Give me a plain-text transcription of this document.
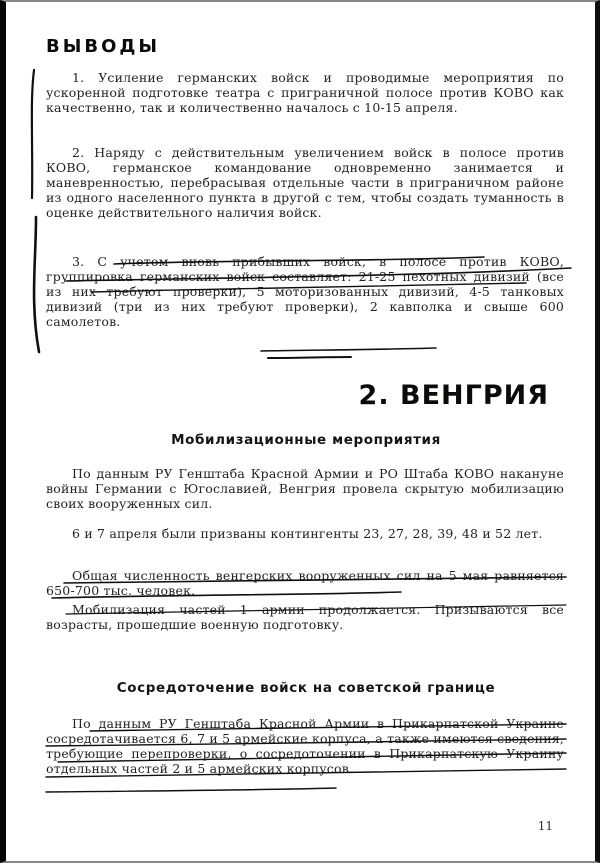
ВЫВОДЫ

1. Усиление германских войск и проводимые мероприятия по ускоренной подготовке театра с приграничной полосе против КОВО как качественно, так и количественно началось с 10-15 апреля.

2. Наряду с действительным увеличением войск в полосе против КОВО, германское командование одновременно занимается и маневренностью, перебрасывая отдельные части в приграничном районе из одного населенного пункта в другой с тем, чтобы создать туманность в оценке действительного наличия войск.

3. С учетом вновь прибывших войск, в полосе против КОВО, группировка германских войск составляет: 21-25 пехотных дивизий (все из них требуют проверки), 5 моторизованных дивизий, 4-5 танковых дивизий (три из них требуют проверки), 2 кавполка и свыше 600 самолетов.

2. ВЕНГРИЯ
Мобилизационные мероприятия

По данным РУ Генштаба Красной Армии и РО Штаба КОВО накануне войны Германии с Югославией, Венгрия провела скрытую мобилизацию своих вооруженных сил.

6 и 7 апреля были призваны контингенты 23, 27, 28, 39, 48 и 52 лет.

Общая численность венгерских вооруженных сил на 5 мая равняется 650-700 тыс. человек.

Мобилизация частей 1 армии продолжается. Призываются все возрасты, прошедшие военную подготовку.

Сосредоточение войск на советской границе

По данным РУ Генштаба Красной Армии в Прикарпатской Украине сосредотачивается 6, 7 и 5 армейские корпуса, а также имеются сведения, требующие перепроверки, о сосредоточении в Прикарпатскую Украину отдельных частей 2 и 5 армейских корпусов.

11
